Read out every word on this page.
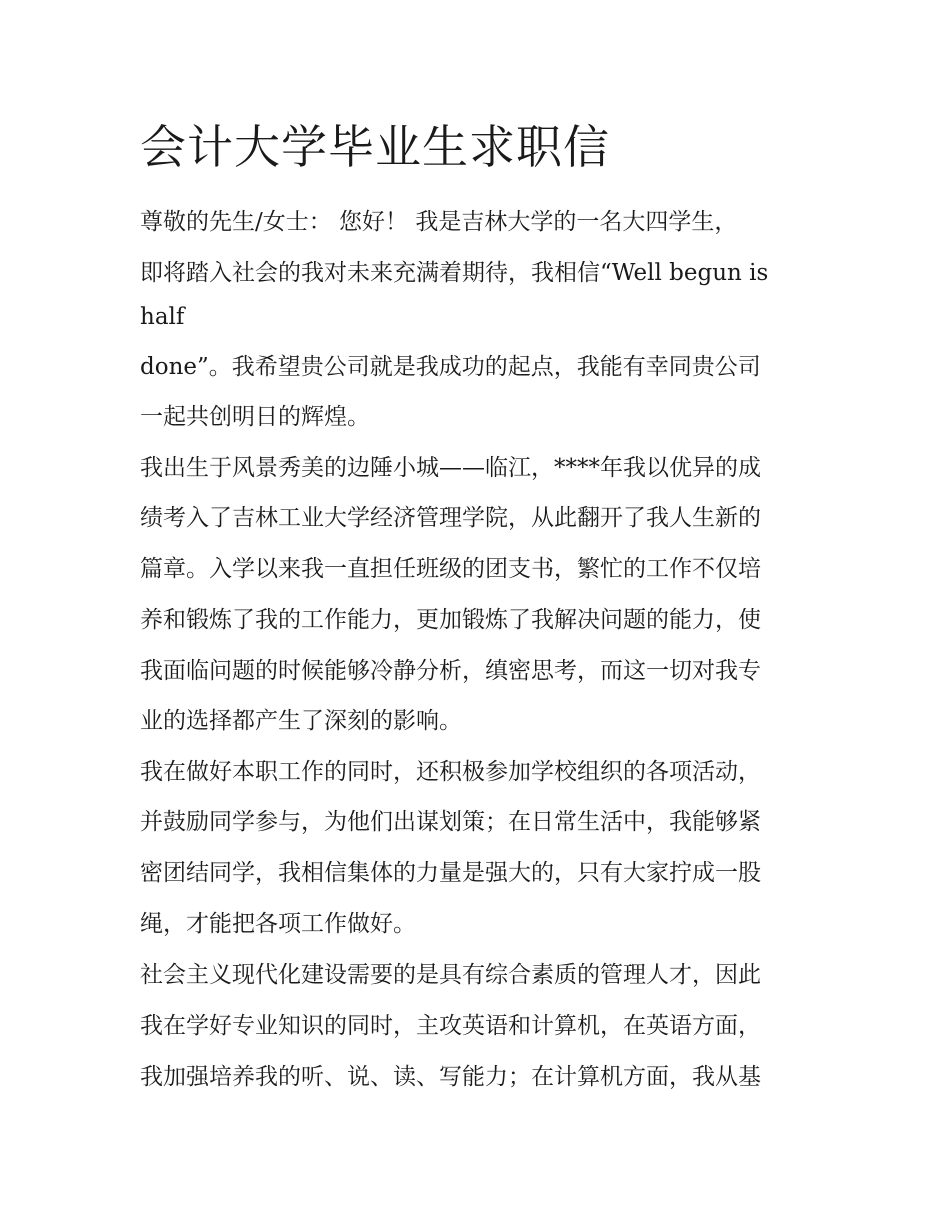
会计大学毕业生求职信

尊敬的先生/女士： 您好！ 我是吉林大学的一名大四学生，

即将踏入社会的我对未来充满着期待，我相信“Well begun is

half

done”。我希望贵公司就是我成功的起点，我能有幸同贵公司

一起共创明日的辉煌。

我出生于风景秀美的边陲小城——临江，****年我以优异的成

绩考入了吉林工业大学经济管理学院，从此翻开了我人生新的

篇章。入学以来我一直担任班级的团支书，繁忙的工作不仅培

养和锻炼了我的工作能力，更加锻炼了我解决问题的能力，使

我面临问题的时候能够冷静分析，缜密思考，而这一切对我专

业的选择都产生了深刻的影响。

我在做好本职工作的同时，还积极参加学校组织的各项活动，

并鼓励同学参与，为他们出谋划策；在日常生活中，我能够紧

密团结同学，我相信集体的力量是强大的，只有大家拧成一股

绳，才能把各项工作做好。

社会主义现代化建设需要的是具有综合素质的管理人才，因此

我在学好专业知识的同时，主攻英语和计算机，在英语方面，

我加强培养我的听、说、读、写能力；在计算机方面，我从基
